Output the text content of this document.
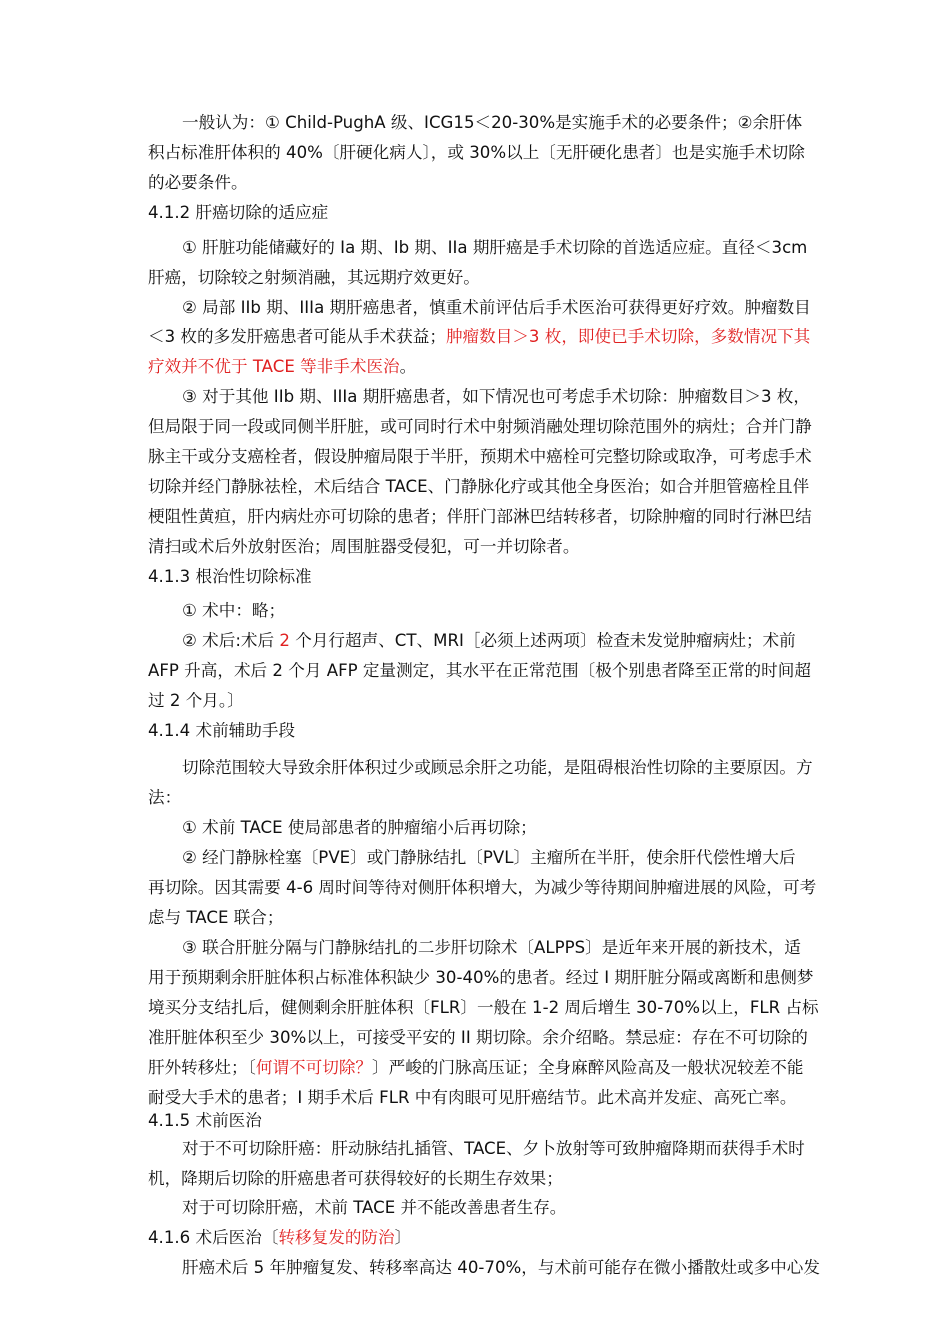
一般认为：① Child-PughA 级、ICG15＜20-30%是实施手术的必要条件；②余肝体
积占标准肝体积的 40%〔肝硬化病人〕，或 30%以上〔无肝硬化患者〕也是实施手术切除
的必要条件。
4.1.2 肝癌切除的适应症
① 肝脏功能储藏好的 Ia 期、Ib 期、IIa 期肝癌是手术切除的首选适应症。直径＜3cm
肝癌，切除较之射频消融，其远期疗效更好。
② 局部 IIb 期、IIIa 期肝癌患者，慎重术前评估后手术医治可获得更好疗效。肿瘤数目
＜3 枚的多发肝癌患者可能从手术获益；肿瘤数目＞3 枚，即使已手术切除，多数情况下其
疗效并不优于 TACE 等非手术医治。
③ 对于其他 IIb 期、IIIa 期肝癌患者，如下情况也可考虑手术切除：肿瘤数目＞3 枚，
但局限于同一段或同侧半肝脏，或可同时行术中射频消融处理切除范围外的病灶；合并门静
脉主干或分支癌栓者，假设肿瘤局限于半肝，预期术中癌栓可完整切除或取净，可考虑手术
切除并经门静脉祛栓，术后结合 TACE、门静脉化疗或其他全身医治；如合并胆管癌栓且伴
梗阻性黄疸，肝内病灶亦可切除的患者；伴肝门部淋巴结转移者，切除肿瘤的同时行淋巴结
清扫或术后外放射医治；周围脏器受侵犯，可一并切除者。
4.1.3 根治性切除标准
① 术中：略；
② 术后:术后 2 个月行超声、CT、MRI［必须上述两项〕检查未发觉肿瘤病灶；术前
AFP 升高，术后 2 个月 AFP 定量测定，其水平在正常范围〔极个别患者降至正常的时间超
过 2 个月。〕
4.1.4 术前辅助手段
切除范围较大导致余肝体积过少或顾忌余肝之功能，是阻碍根治性切除的主要原因。方
法：
① 术前 TACE 使局部患者的肿瘤缩小后再切除；
② 经门静脉栓塞〔PVE〕或门静脉结扎〔PVL〕主瘤所在半肝，使余肝代偿性增大后
再切除。因其需要 4-6 周时间等待对侧肝体积增大，为减少等待期间肿瘤进展的风险，可考
虑与 TACE 联合；
③ 联合肝脏分隔与门静脉结扎的二步肝切除术〔ALPPS〕是近年来开展的新技术，适
用于预期剩余肝脏体积占标准体积缺少 30-40%的患者。经过 I 期肝脏分隔或离断和患侧梦
境买分支结扎后，健侧剩余肝脏体积〔FLR〕一般在 1-2 周后增生 30-70%以上，FLR 占标
准肝脏体积至少 30%以上，可接受平安的 II 期切除。余介绍略。禁忌症：存在不可切除的
肝外转移灶；〔何谓不可切除？〕严峻的门脉高压证；全身麻醉风险高及一般状况较差不能
耐受大手术的患者；I 期手术后 FLR 中有肉眼可见肝癌结节。此术高并发症、高死亡率。
4.1.5 术前医治
对于不可切除肝癌：肝动脉结扎插管、TACE、夕卜放射等可致肿瘤降期而获得手术时
机，降期后切除的肝癌患者可获得较好的长期生存效果；
对于可切除肝癌，术前 TACE 并不能改善患者生存。
4.1.6 术后医治〔转移复发的防治〕
肝癌术后 5 年肿瘤复发、转移率高达 40-70%，与术前可能存在微小播散灶或多中心发
